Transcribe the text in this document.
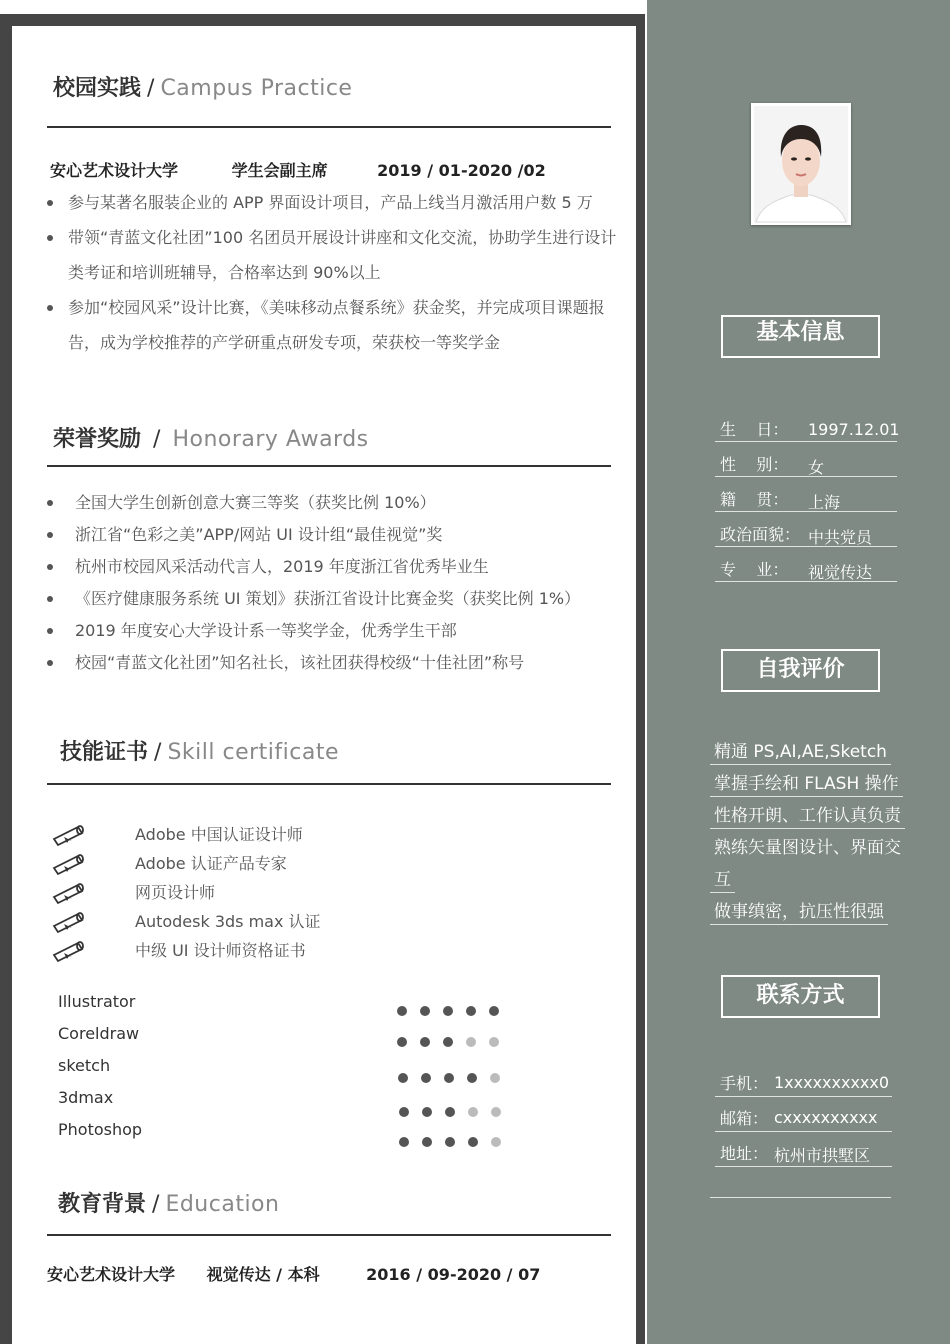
校园实践 / Campus Practice
安心艺术设计大学	学生会副主席	2019 / 01-2020 /02
参与某著名服装企业的 APP 界面设计项目，产品上线当月激活用户数 5 万
带领“青蓝文化社团”100 名团员开展设计讲座和文化交流，协助学生进行设计类考证和培训班辅导，合格率达到 90%以上
参加“校园风采”设计比赛，《美味移动点餐系统》获金奖，并完成项目课题报告，成为学校推荐的产学研重点研发专项，荣获校一等奖学金
荣誉奖励 / Honorary Awards
全国大学生创新创意大赛三等奖（获奖比例 10%）
浙江省“色彩之美”APP/网站 UI 设计组“最佳视觉”奖
杭州市校园风采活动代言人，2019 年度浙江省优秀毕业生
《医疗健康服务系统 UI 策划》获浙江省设计比赛金奖（获奖比例 1%）
2019 年度安心大学设计系一等奖学金，优秀学生干部
校园“青蓝文化社团”知名社长，该社团获得校级“十佳社团”称号
技能证书 / Skill certificate
Adobe 中国认证设计师
Adobe 认证产品专家
网页设计师
Autodesk 3ds max 认证
中级 UI 设计师资格证书
Illustrator
Coreldraw
sketch
3dmax
Photoshop
教育背景 / Education
安心艺术设计大学 视觉传达 / 本科	2016 / 09-2020 / 07
基本信息
生    日： 1997.12.01
性    别： 女
籍    贯： 上海
政治面貌： 中共党员
专    业： 视觉传达
自我评价
精通 PS,AI,AE,Sketch
掌握手绘和 FLASH 操作
性格开朗、工作认真负责
熟练矢量图设计、界面交
互
做事缜密，抗压性很强
联系方式
手机： 1xxxxxxxxxx0
邮箱： cxxxxxxxxxx
地址： 杭州市拱墅区
